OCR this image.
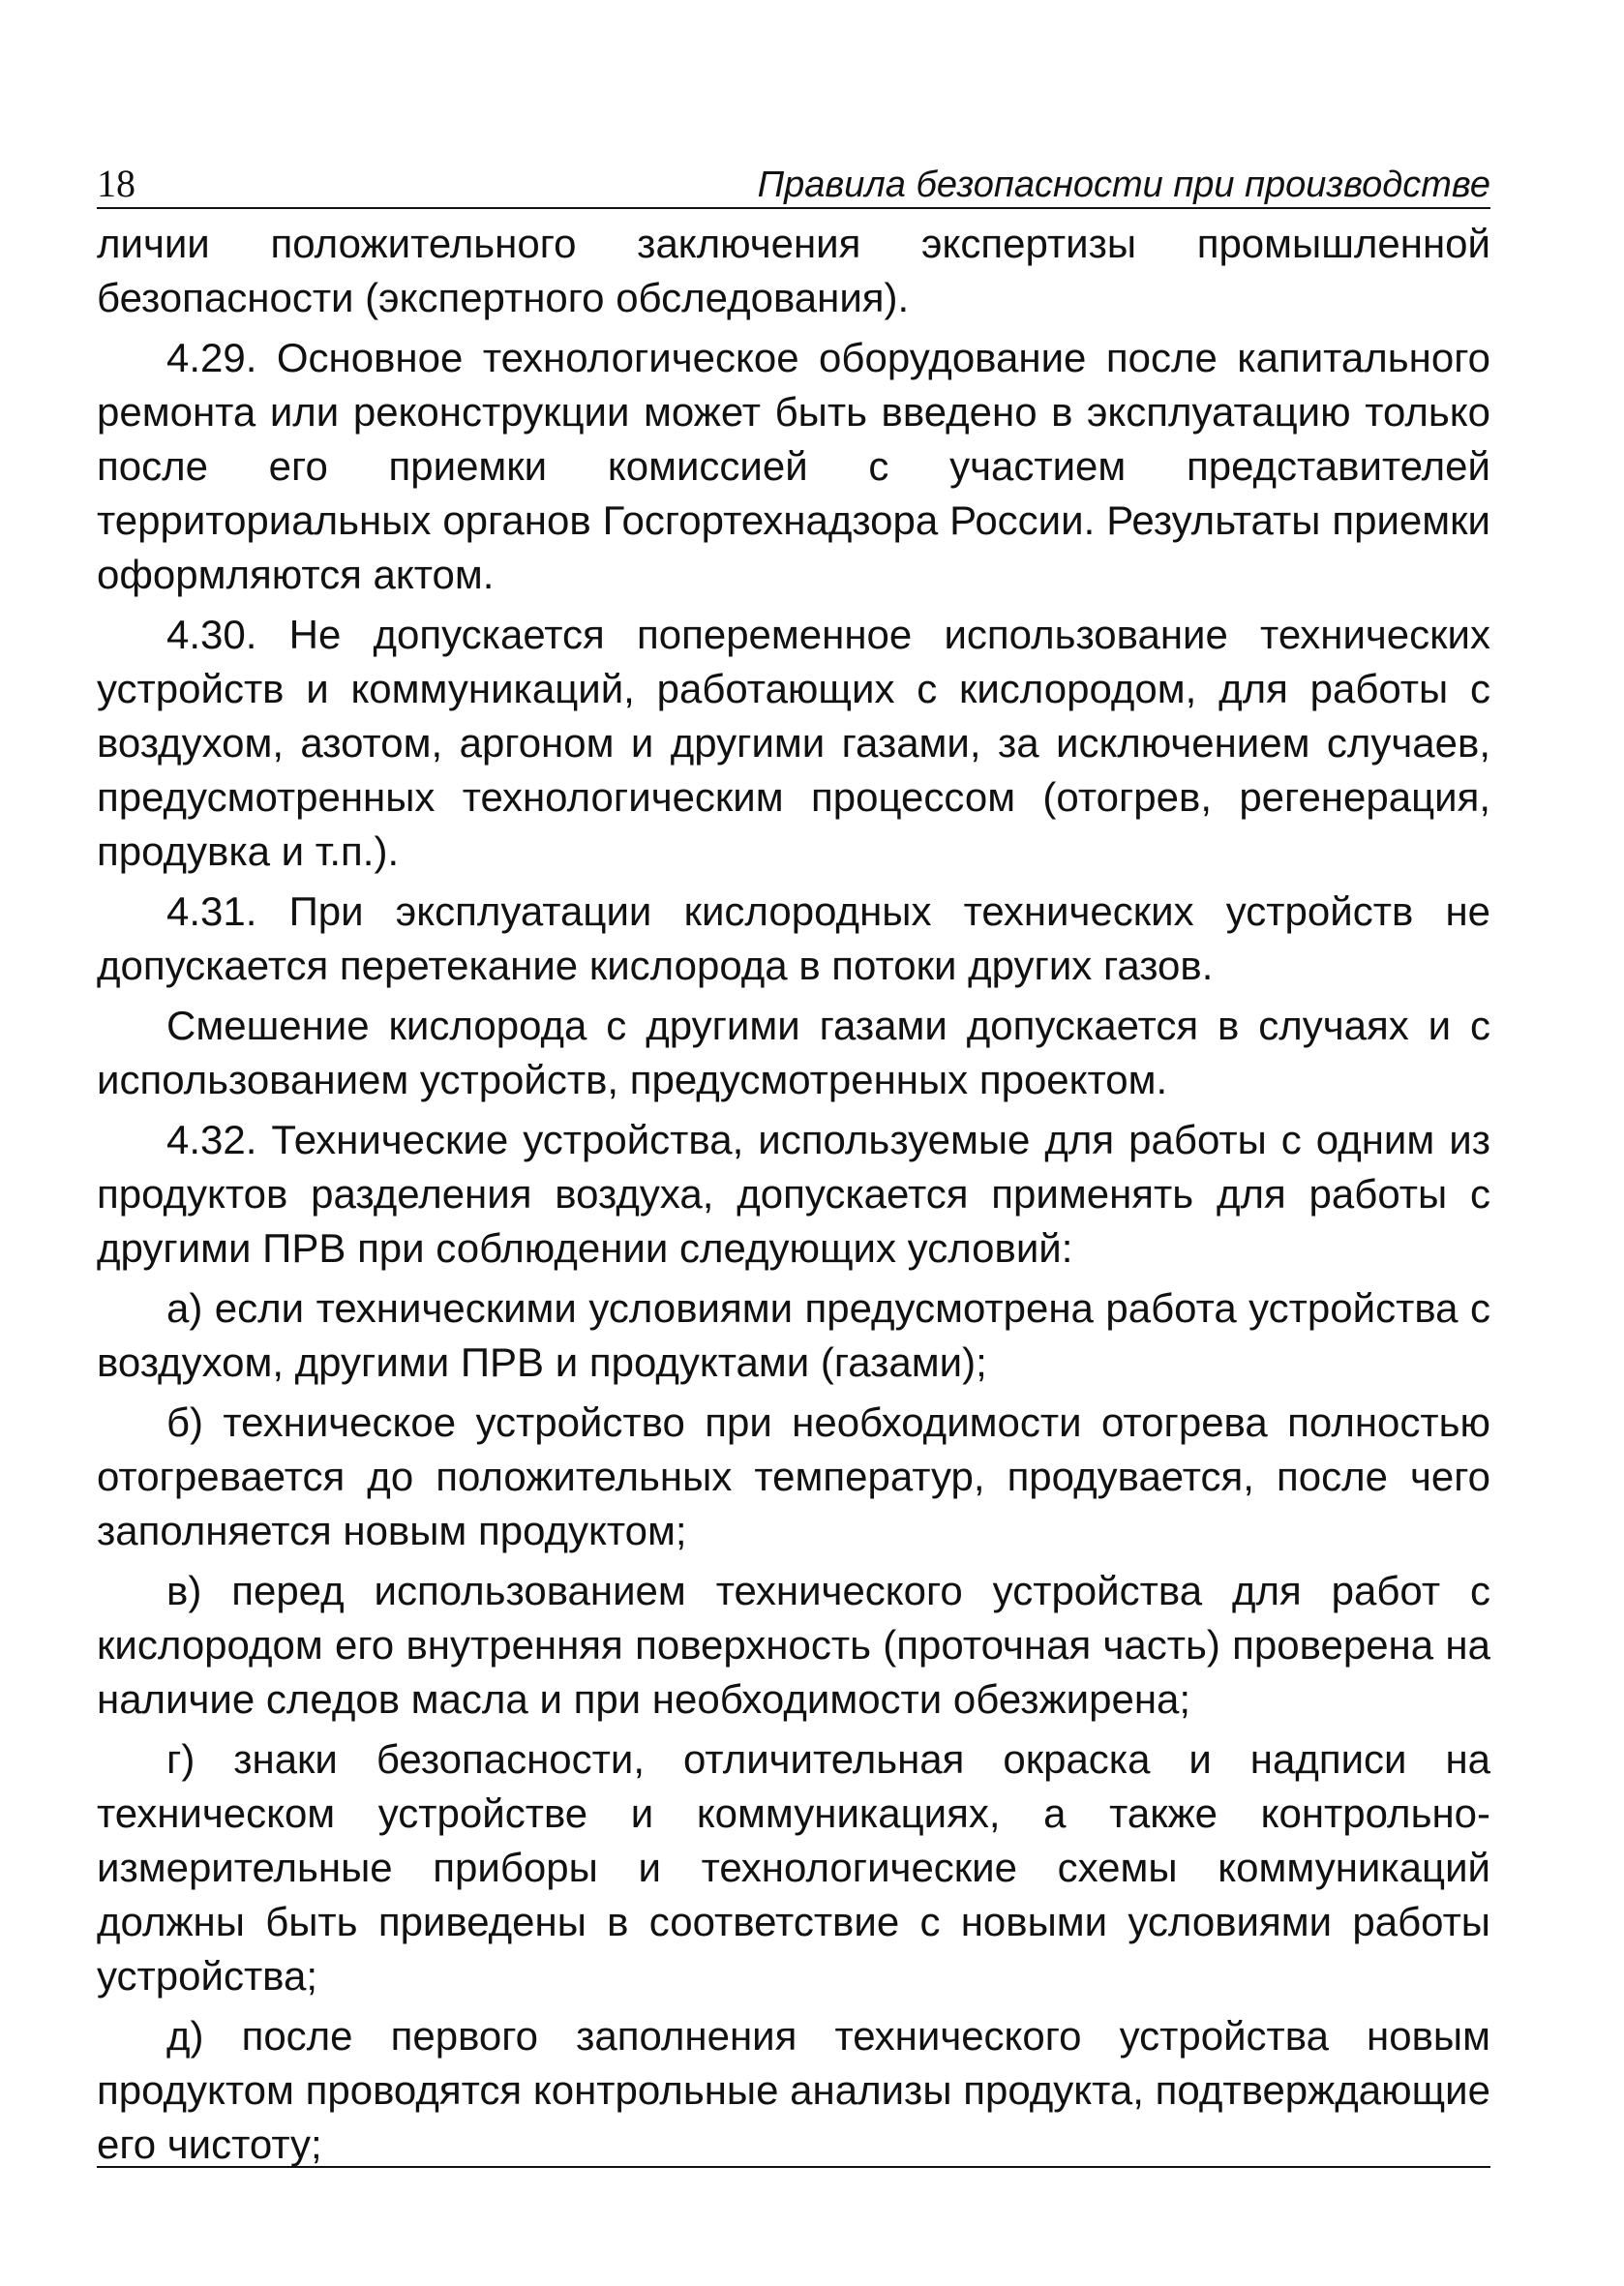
18	Правила безопасности при производстве

личии положительного заключения экспертизы промышленной безопасности (экспертного обследования).

4.29. Основное технологическое оборудование после капитального ремонта или реконструкции может быть введено в эксплуатацию только после его приемки комиссией с участием представителей территориальных органов Госгортехнадзора России. Результаты приемки оформляются актом.

4.30. Не допускается попеременное использование технических устройств и коммуникаций, работающих с кислородом, для работы с воздухом, азотом, аргоном и другими газами, за исключением случаев, предусмотренных технологическим процессом (отогрев, регенерация, продувка и т.п.).

4.31. При эксплуатации кислородных технических устройств не допускается перетекание кислорода в потоки других газов.

Смешение кислорода с другими газами допускается в случаях и с использованием устройств, предусмотренных проектом.

4.32. Технические устройства, используемые для работы с одним из продуктов разделения воздуха, допускается применять для работы с другими ПРВ при соблюдении следующих условий:

а) если техническими условиями предусмотрена работа устройства с воздухом, другими ПРВ и продуктами (газами);

б) техническое устройство при необходимости отогрева полностью отогревается до положительных температур, продувается, после чего заполняется новым продуктом;

в) перед использованием технического устройства для работ с кислородом его внутренняя поверхность (проточная часть) проверена на наличие следов масла и при необходимости обезжирена;

г) знаки безопасности, отличительная окраска и надписи на техническом устройстве и коммуникациях, а также контрольно-измерительные приборы и технологические схемы коммуникаций должны быть приведены в соответствие с новыми условиями работы устройства;

д) после первого заполнения технического устройства новым продуктом проводятся контрольные анализы продукта, подтверждающие его чистоту;
